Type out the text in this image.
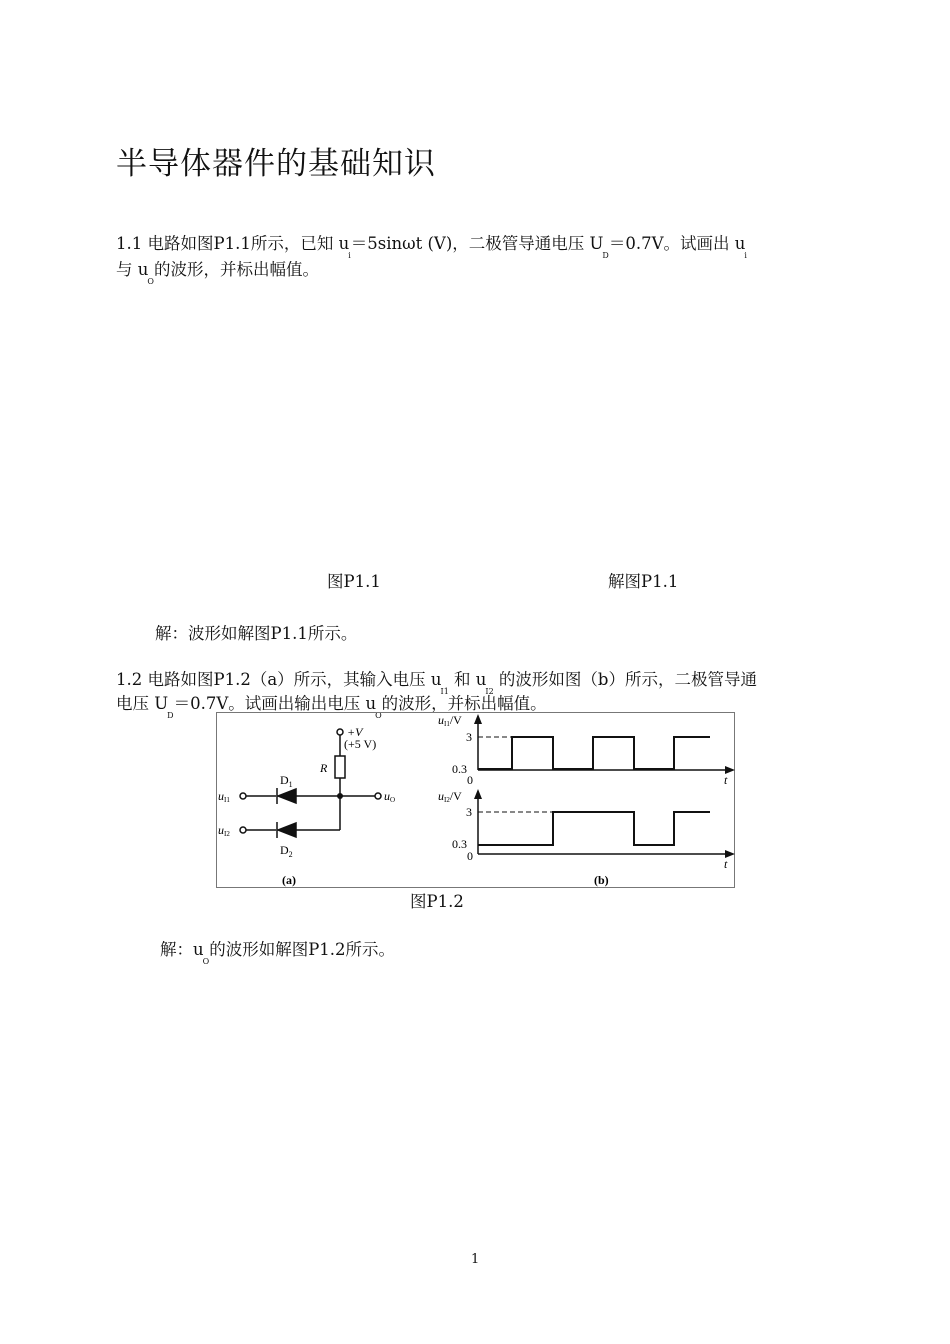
半导体器件的基础知识
1.1 电路如图P1.1所示，已知 $u_i=5\sin\omega t$ (V)，二极管导通电压 $U_D=0.7V$。试画出 $u_i$
与 $u_O$的波形，并标出幅值。
图P1.1	解图P1.1
解：波形如解图P1.1所示。
1.2 电路如图P1.2（a）所示，其输入电压 $u_{I1}$ 和 $u_{I2}$ 的波形如图（b）所示，二极管导通
电压 $U_D=0.7V$。试画出输出电压 $u_O$的波形，并标出幅值。
+V
(+5 V)
R
$D_1$
$D_2$
uI1
uI2
uO
(a)	(b)
uI1/V
uI2/V
3
0.3
0	t
3
0.3
0
t
图P1.2
解：$u_O$的波形如解图P1.2所示。
1
